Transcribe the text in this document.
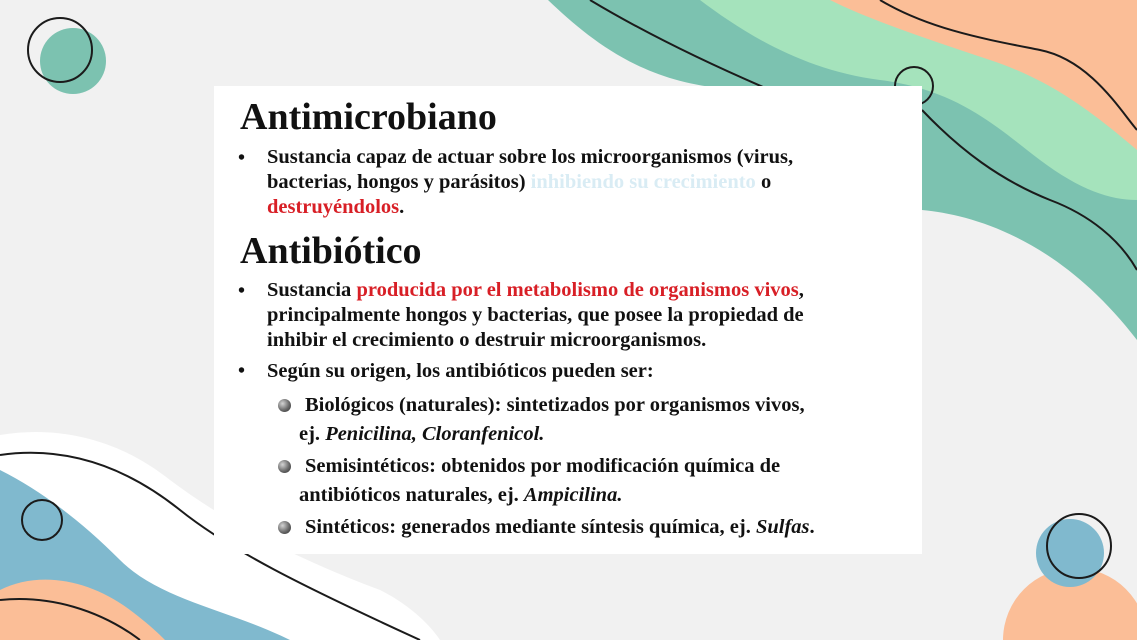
Antimicrobiano
• Sustancia capaz de actuar sobre los microorganismos (virus,
bacterias, hongos y parásitos) inhibiendo su crecimiento o
destruyéndolos.
Antibiótico
• Sustancia producida por el metabolismo de organismos vivos,
principalmente hongos y bacterias, que posee la propiedad de
inhibir el crecimiento o destruir microorganismos.
• Según su origen, los antibióticos pueden ser:
Biológicos (naturales): sintetizados por organismos vivos,
ej. Penicilina, Cloranfenicol.
Semisintéticos: obtenidos por modificación química de
antibióticos naturales, ej. Ampicilina.
Sintéticos: generados mediante síntesis química, ej. Sulfas.
